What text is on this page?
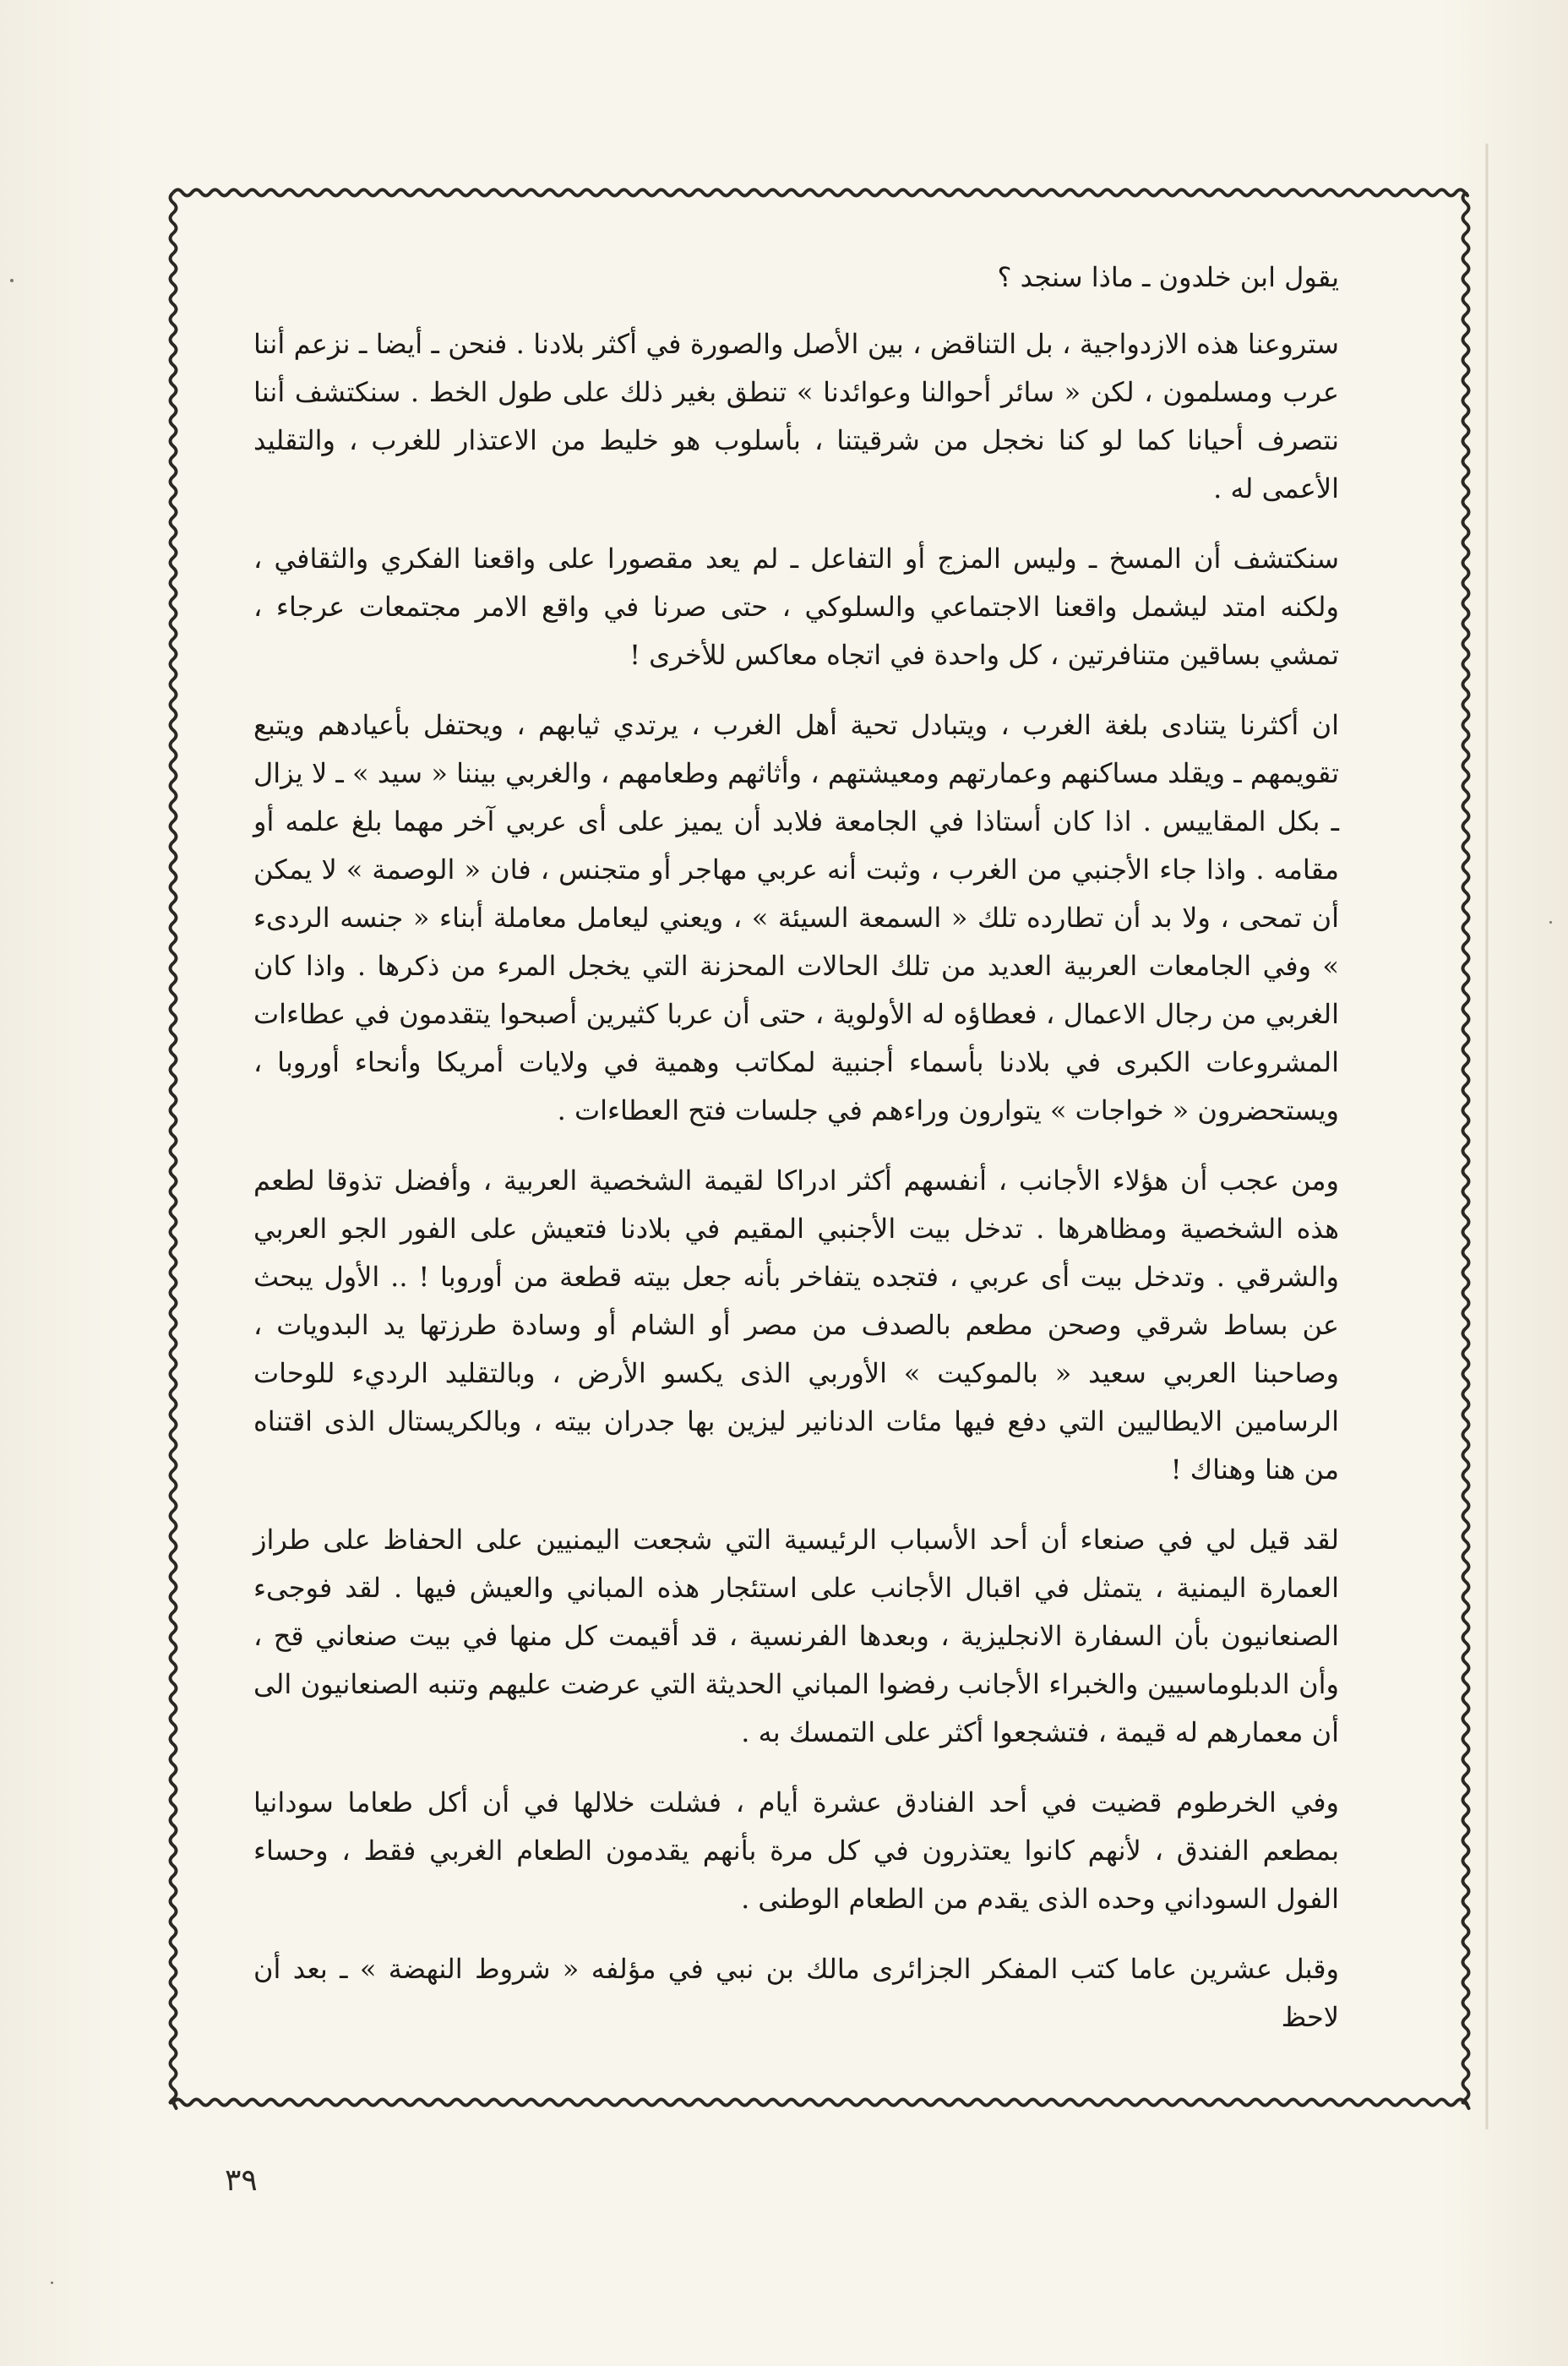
يقول ابن خلدون ـ ماذا سنجد ؟

ستروعنا هذه الازدواجية ، بل التناقض ، بين الأصل والصورة في أكثر بلادنا . فنحن ـ أيضا ـ نزعم أننا عرب ومسلمون ، لكن « سائر أحوالنا وعوائدنا » تنطق بغير ذلك على طول الخط . سنكتشف أننا نتصرف أحيانا كما لو كنا نخجل من شرقيتنا ، بأسلوب هو خليط من الاعتذار للغرب ، والتقليد الأعمى له .

سنكتشف أن المسخ ـ وليس المزج أو التفاعل ـ لم يعد مقصورا على واقعنا الفكري والثقافي ، ولكنه امتد ليشمل واقعنا الاجتماعي والسلوكي ، حتى صرنا في واقع الامر مجتمعات عرجاء ، تمشي بساقين متنافرتين ، كل واحدة في اتجاه معاكس للأخرى !

ان أكثرنا يتنادى بلغة الغرب ، ويتبادل تحية أهل الغرب ، يرتدي ثيابهم ، ويحتفل بأعيادهم ويتبع تقويمهم ـ ويقلد مساكنهم وعمارتهم ومعيشتهم ، وأثاثهم وطعامهم ، والغربي بيننا « سيد » ـ لا يزال ـ بكل المقاييس . اذا كان أستاذا في الجامعة فلابد أن يميز على أى عربي آخر مهما بلغ علمه أو مقامه . واذا جاء الأجنبي من الغرب ، وثبت أنه عربي مهاجر أو متجنس ، فان « الوصمة » لا يمكن أن تمحى ، ولا بد أن تطارده تلك « السمعة السيئة » ، ويعني ليعامل معاملة أبناء « جنسه الردىء » وفي الجامعات العربية العديد من تلك الحالات المحزنة التي يخجل المرء من ذكرها . واذا كان الغربي من رجال الاعمال ، فعطاؤه له الأولوية ، حتى أن عربا كثيرين أصبحوا يتقدمون في عطاءات المشروعات الكبرى في بلادنا بأسماء أجنبية لمكاتب وهمية في ولايات أمريكا وأنحاء أوروبا ، ويستحضرون « خواجات » يتوارون وراءهم في جلسات فتح العطاءات .

ومن عجب أن هؤلاء الأجانب ، أنفسهم أكثر ادراكا لقيمة الشخصية العربية ، وأفضل تذوقا لطعم هذه الشخصية ومظاهرها . تدخل بيت الأجنبي المقيم في بلادنا فتعيش على الفور الجو العربي والشرقي . وتدخل بيت أى عربي ، فتجده يتفاخر بأنه جعل بيته قطعة من أوروبا ! .. الأول يبحث عن بساط شرقي وصحن مطعم بالصدف من مصر أو الشام أو وسادة طرزتها يد البدويات ، وصاحبنا العربي سعيد « بالموكيت » الأوربي الذى يكسو الأرض ، وبالتقليد الرديء للوحات الرسامين الايطاليين التي دفع فيها مئات الدنانير ليزين بها جدران بيته ، وبالكريستال الذى اقتناه من هنا وهناك !

لقد قيل لي في صنعاء أن أحد الأسباب الرئيسية التي شجعت اليمنيين على الحفاظ على طراز العمارة اليمنية ، يتمثل في اقبال الأجانب على استئجار هذه المباني والعيش فيها . لقد فوجىء الصنعانيون بأن السفارة الانجليزية ، وبعدها الفرنسية ، قد أقيمت كل منها في بيت صنعاني قح ، وأن الدبلوماسيين والخبراء الأجانب رفضوا المباني الحديثة التي عرضت عليهم وتنبه الصنعانيون الى أن معمارهم له قيمة ، فتشجعوا أكثر على التمسك به .

وفي الخرطوم قضيت في أحد الفنادق عشرة أيام ، فشلت خلالها في أن أكل طعاما سودانيا بمطعم الفندق ، لأنهم كانوا يعتذرون في كل مرة بأنهم يقدمون الطعام الغربي فقط ، وحساء الفول السوداني وحده الذى يقدم من الطعام الوطنى .

وقبل عشرين عاما كتب المفكر الجزائرى مالك بن نبي في مؤلفه « شروط النهضة » ـ بعد أن لاحظ

٣٩
